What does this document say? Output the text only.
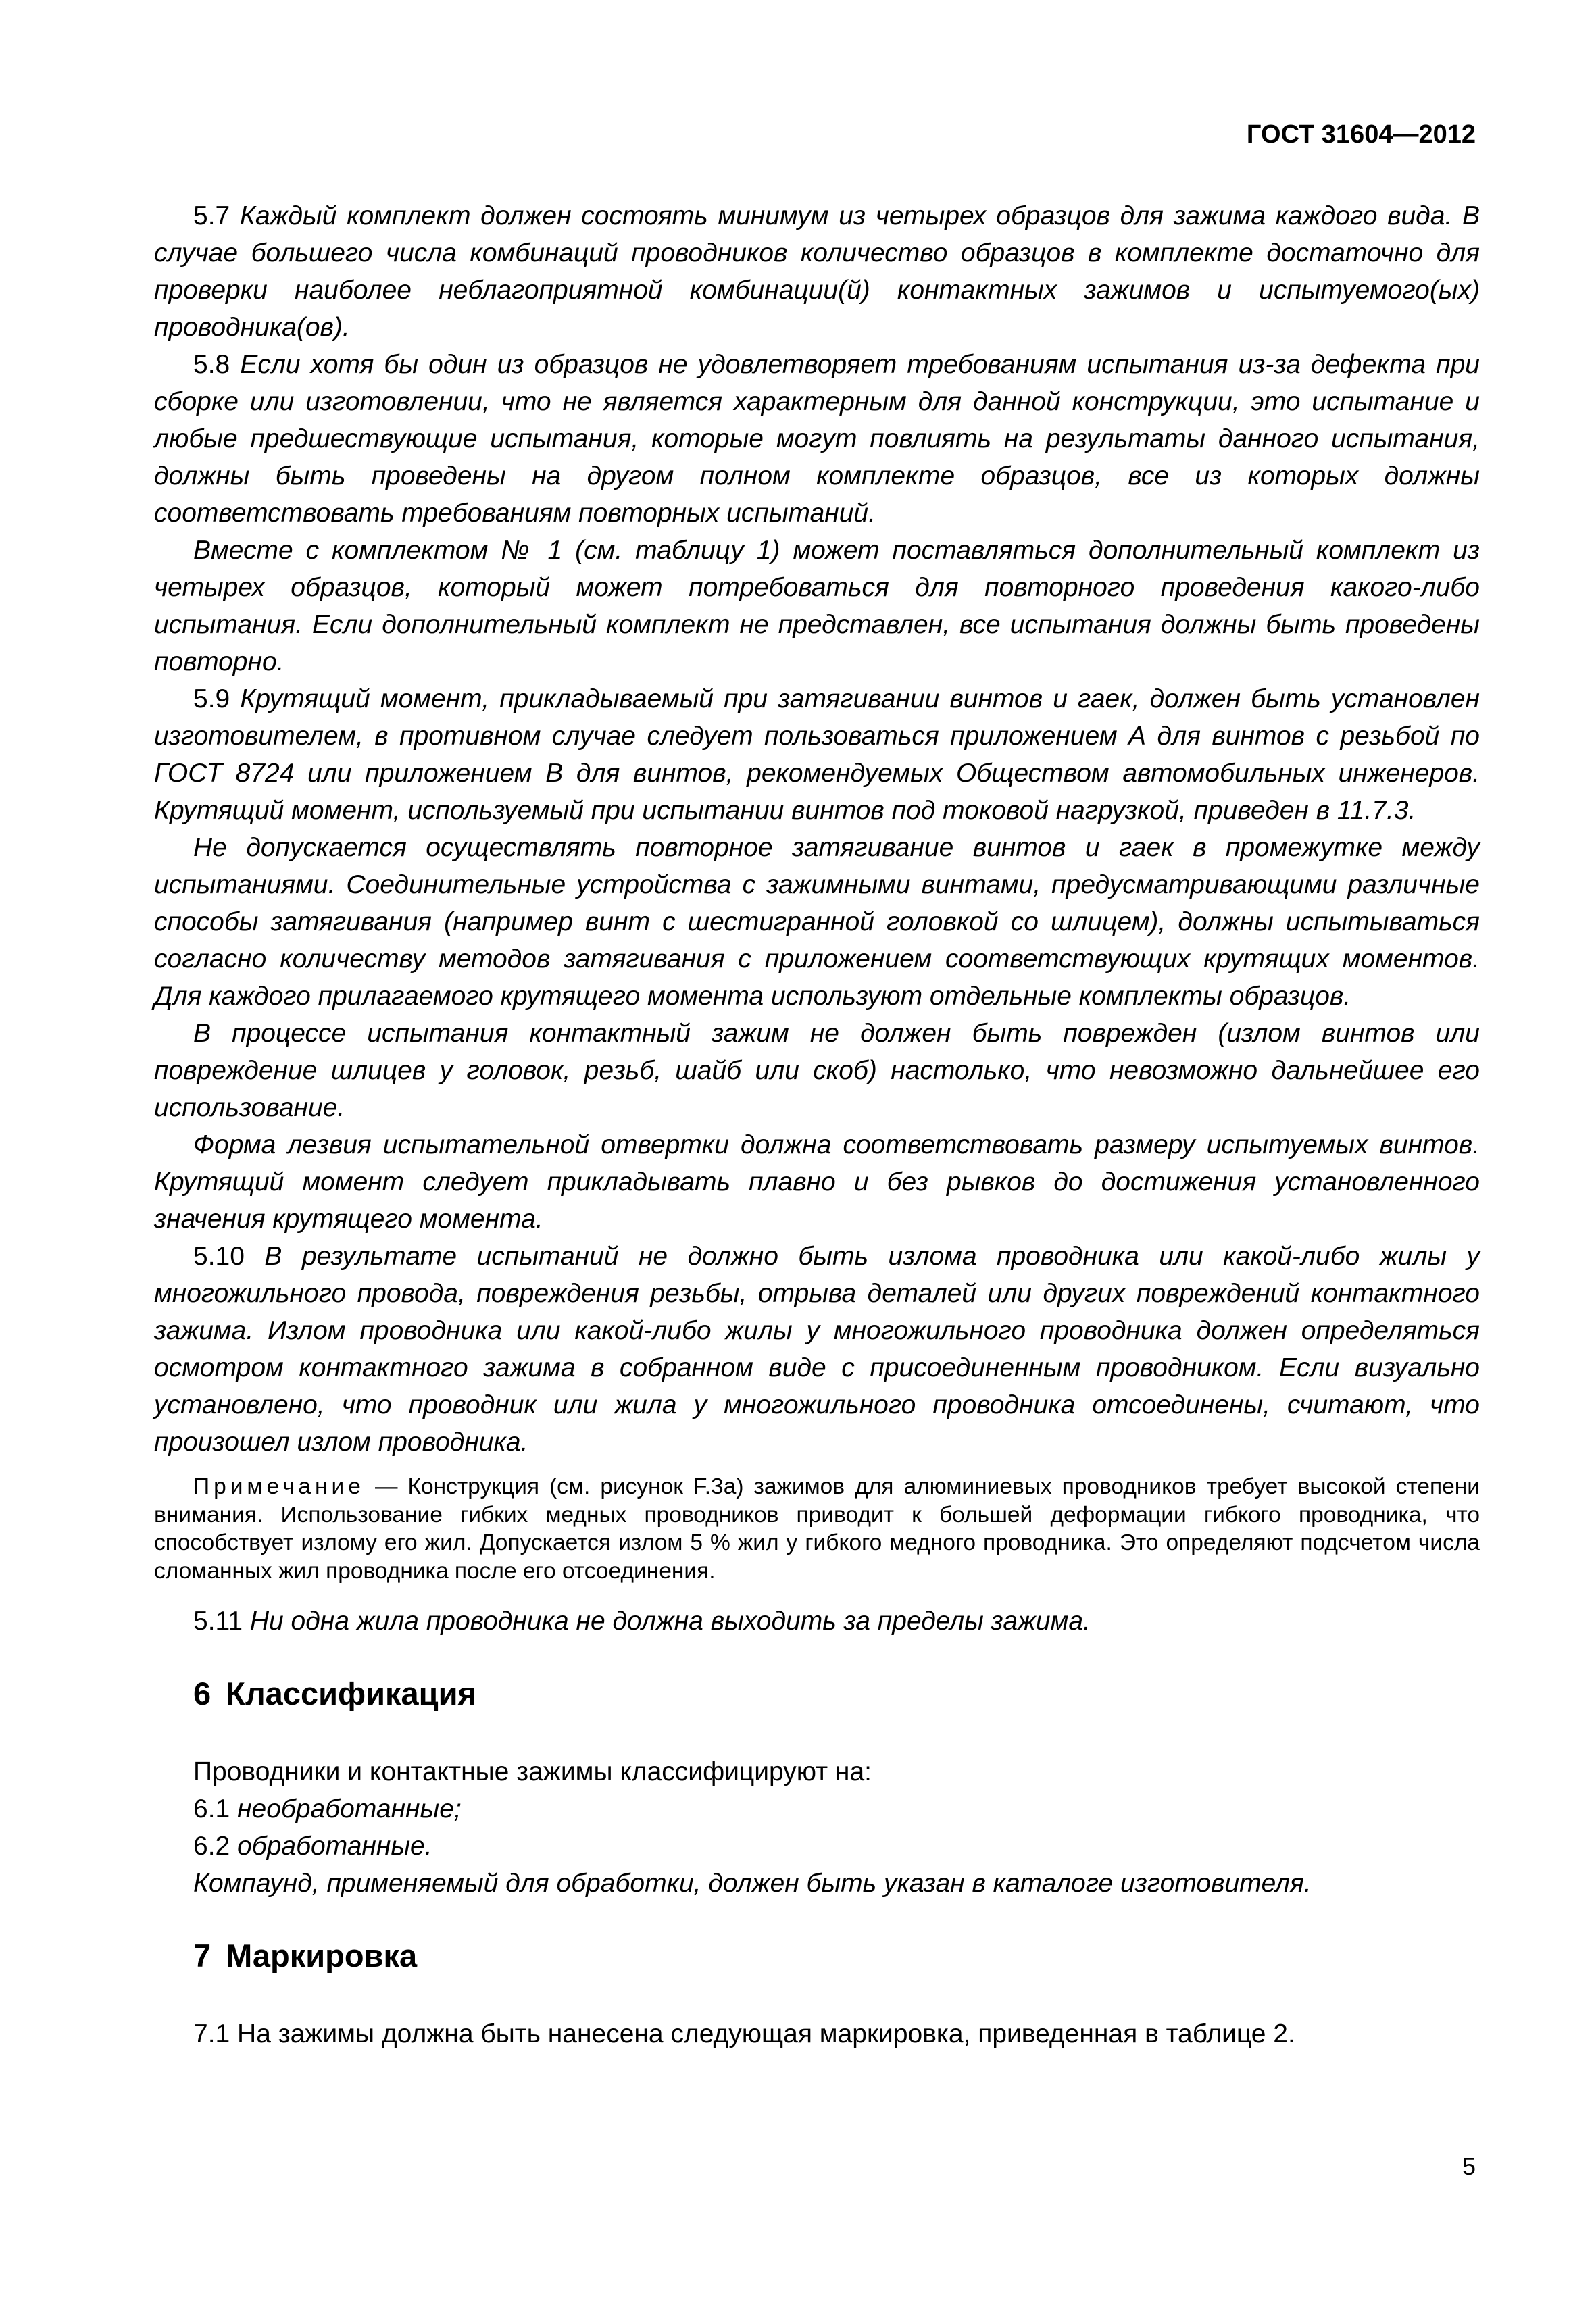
ГОСТ 31604—2012

5.7 Каждый комплект должен состоять минимум из четырех образцов для зажима каждого вида. В случае большего числа комбинаций проводников количество образцов в комплекте достаточно для проверки наиболее неблагоприятной комбинации(й) контактных зажимов и испытуемого(ых) проводника(ов).

5.8 Если хотя бы один из образцов не удовлетворяет требованиям испытания из-за дефекта при сборке или изготовлении, что не является характерным для данной конструкции, это испытание и любые предшествующие испытания, которые могут повлиять на результаты данного испытания, должны быть проведены на другом полном комплекте образцов, все из которых должны соответствовать требованиям повторных испытаний.

Вместе с комплектом № 1 (см. таблицу 1) может поставляться дополнительный комплект из четырех образцов, который может потребоваться для повторного проведения какого-либо испытания. Если дополнительный комплект не представлен, все испытания должны быть проведены повторно.

5.9 Крутящий момент, прикладываемый при затягивании винтов и гаек, должен быть установлен изготовителем, в противном случае следует пользоваться приложением А для винтов с резьбой по ГОСТ 8724 или приложением В для винтов, рекомендуемых Обществом автомобильных инженеров. Крутящий момент, используемый при испытании винтов под токовой нагрузкой, приведен в 11.7.3.

Не допускается осуществлять повторное затягивание винтов и гаек в промежутке между испытаниями. Соединительные устройства с зажимными винтами, предусматривающими различные способы затягивания (например винт с шестигранной головкой со шлицем), должны испытываться согласно количеству методов затягивания с приложением соответствующих крутящих моментов. Для каждого прилагаемого крутящего момента используют отдельные комплекты образцов.

В процессе испытания контактный зажим не должен быть поврежден (излом винтов или повреждение шлицев у головок, резьб, шайб или скоб) настолько, что невозможно дальнейшее его использование.

Форма лезвия испытательной отвертки должна соответствовать размеру испытуемых винтов. Крутящий момент следует прикладывать плавно и без рывков до достижения установленного значения крутящего момента.

5.10 В результате испытаний не должно быть излома проводника или какой-либо жилы у многожильного провода, повреждения резьбы, отрыва деталей или других повреждений контактного зажима. Излом проводника или какой-либо жилы у многожильного проводника должен определяться осмотром контактного зажима в собранном виде с присоединенным проводником. Если визуально установлено, что проводник или жила у многожильного проводника отсоединены, считают, что произошел излом проводника.

Примечание — Конструкция (см. рисунок F.3а) зажимов для алюминиевых проводников требует высокой степени внимания. Использование гибких медных проводников приводит к большей деформации гибкого проводника, что способствует излому его жил. Допускается излом 5 % жил у гибкого медного проводника. Это определяют подсчетом числа сломанных жил проводника после его отсоединения.

5.11 Ни одна жила проводника не должна выходить за пределы зажима.

6 Классификация

Проводники и контактные зажимы классифицируют на:

6.1 необработанные;

6.2 обработанные.

Компаунд, применяемый для обработки, должен быть указан в каталоге изготовителя.

7 Маркировка

7.1 На зажимы должна быть нанесена следующая маркировка, приведенная в таблице 2.

5
